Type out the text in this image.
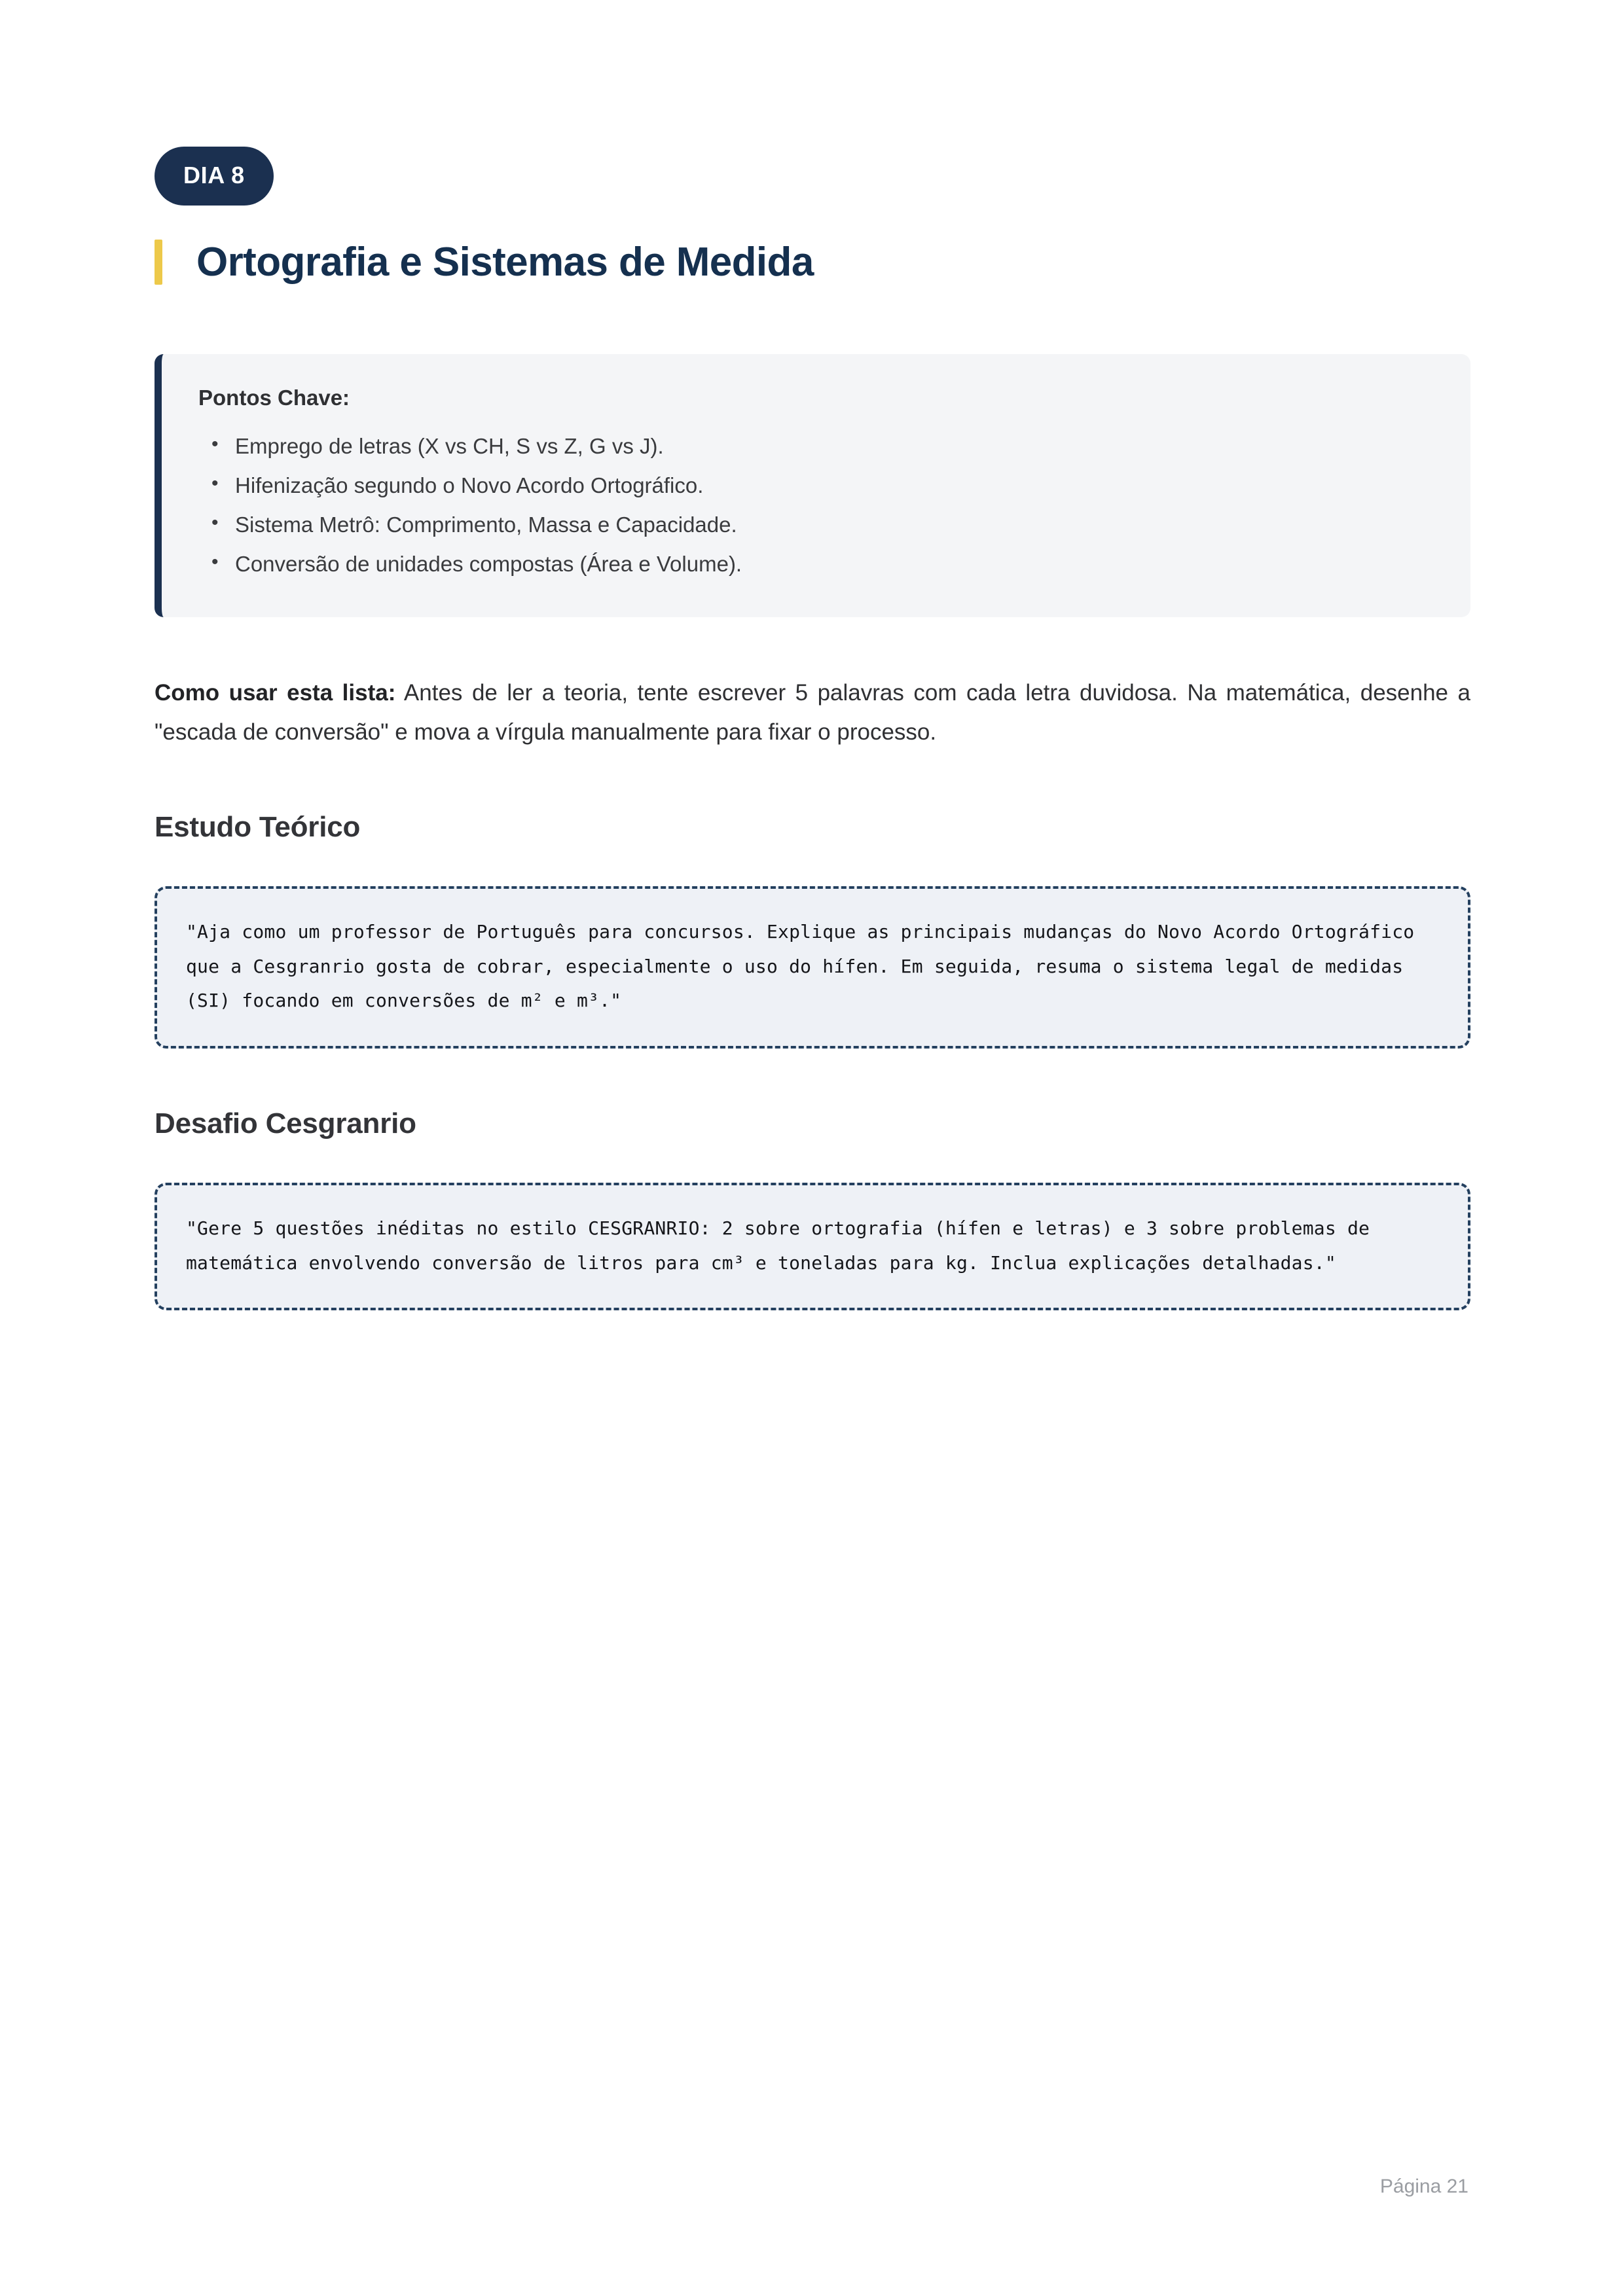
DIA 8
Ortografia e Sistemas de Medida
Pontos Chave:
• Emprego de letras (X vs CH, S vs Z, G vs J).
• Hifenização segundo o Novo Acordo Ortográfico.
• Sistema Metrô: Comprimento, Massa e Capacidade.
• Conversão de unidades compostas (Área e Volume).

Como usar esta lista: Antes de ler a teoria, tente escrever 5 palavras com cada letra duvidosa. Na matemática, desenhe a "escada de conversão" e mova a vírgula manualmente para fixar o processo.

Estudo Teórico

"Aja como um professor de Português para concursos. Explique as principais mudanças do Novo Acordo Ortográfico que a Cesgranrio gosta de cobrar, especialmente o uso do hífen. Em seguida, resuma o sistema legal de medidas (SI) focando em conversões de m² e m³."

Desafio Cesgranrio

"Gere 5 questões inéditas no estilo CESGRANRIO: 2 sobre ortografia (hífen e letras) e 3 sobre problemas de matemática envolvendo conversão de litros para cm³ e toneladas para kg. Inclua explicações detalhadas."

Página 21
